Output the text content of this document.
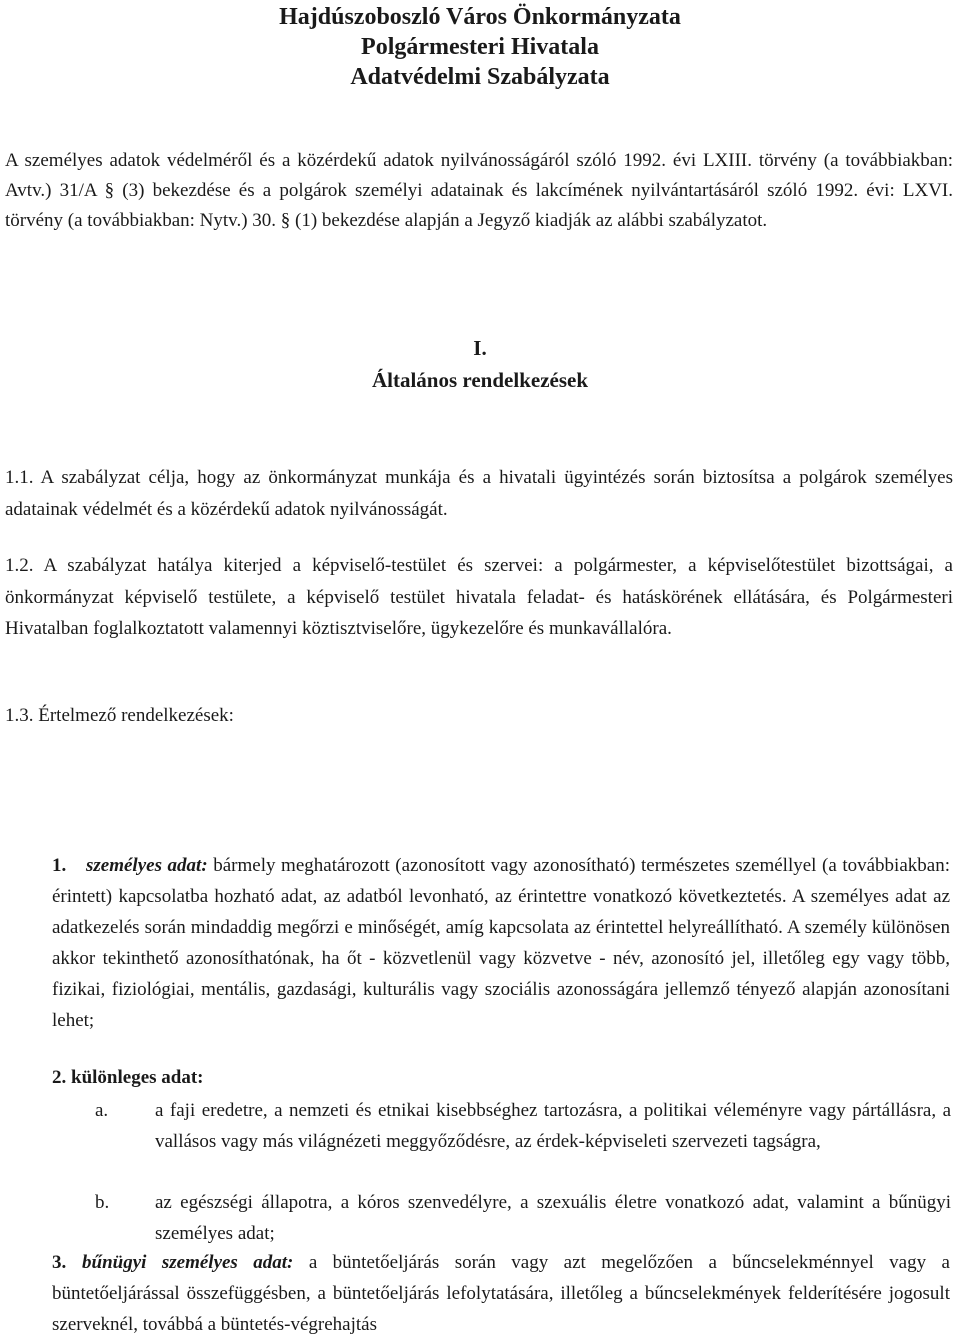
Hajdúszoboszló Város Önkormányzata
Polgármesteri Hivatala
Adatvédelmi Szabályzata
A személyes adatok védelméről és a közérdekű adatok nyilvánosságáról szóló 1992. évi LXIII. törvény (a továbbiakban: Avtv.) 31/A § (3) bekezdése és a polgárok személyi adatainak és lakcímének nyilvántartásáról szóló 1992. évi: LXVI. törvény (a továbbiakban: Nytv.) 30. § (1) bekezdése alapján a Jegyző kiadják az alábbi szabályzatot.
I.
Általános rendelkezések
1.1. A szabályzat célja, hogy az önkormányzat munkája és a hivatali ügyintézés során biztosítsa a polgárok személyes adatainak védelmét és a közérdekű adatok nyilvánosságát.
1.2. A szabályzat hatálya kiterjed a képviselő-testület és szervei: a polgármester, a képviselőtestület bizottságai, a önkormányzat képviselő testülete, a képviselő testület hivatala feladat- és hatáskörének ellátására, és Polgármesteri Hivatalban foglalkoztatott valamennyi köztisztviselőre, ügykezelőre és munkavállalóra.
1.3. Értelmező rendelkezések:
1. személyes adat: bármely meghatározott (azonosított vagy azonosítható) természetes személlyel (a továbbiakban: érintett) kapcsolatba hozható adat, az adatból levonható, az érintettre vonatkozó következtetés. A személyes adat az adatkezelés során mindaddig megőrzi e minőségét, amíg kapcsolata az érintettel helyreállítható. A személy különösen akkor tekinthető azonosíthatónak, ha őt - közvetlenül vagy közvetve - név, azonosító jel, illetőleg egy vagy több, fizikai, fiziológiai, mentális, gazdasági, kulturális vagy szociális azonosságára jellemző tényező alapján azonosítani lehet;
2. különleges adat:
a. a faji eredetre, a nemzeti és etnikai kisebbséghez tartozásra, a politikai véleményre vagy pártállásra, a vallásos vagy más világnézeti meggyőződésre, az érdek-képviseleti szervezeti tagságra,
b. az egészségi állapotra, a kóros szenvedélyre, a szexuális életre vonatkozó adat, valamint a bűnügyi személyes adat;
3. bűnügyi személyes adat: a büntetőeljárás során vagy azt megelőzően a bűncselekménnyel vagy a büntetőeljárással összefüggésben, a büntetőeljárás lefolytatására, illetőleg a bűncselekmények felderítésére jogosult szerveknél, továbbá a büntetés-végrehajtás
